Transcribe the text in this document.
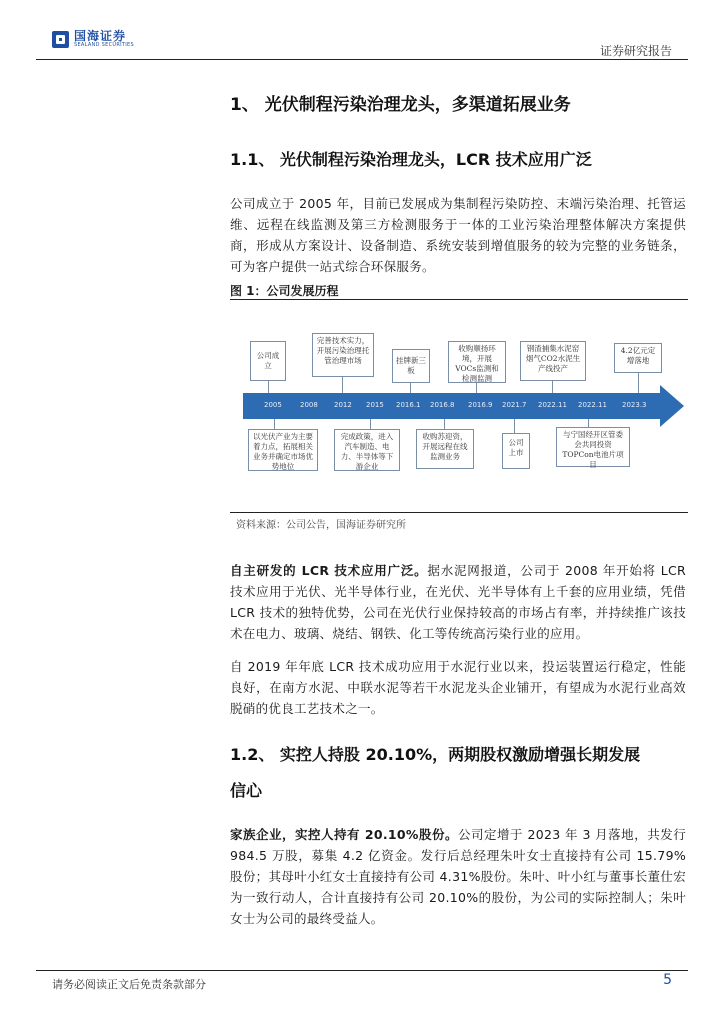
国海证券
SEALAND SECURITIES	证券研究报告
1、 光伏制程污染治理龙头，多渠道拓展业务
1.1、 光伏制程污染治理龙头，LCR 技术应用广泛

公司成立于 2005 年，目前已发展成为集制程污染防控、末端污染治理、托管运维、远程在线监测及第三方检测服务于一体的工业污染治理整体解决方案提供商，形成从方案设计、设备制造、系统安装到增值服务的较为完整的业务链条，可为客户提供一站式综合环保服务。

图 1：公司发展历程
2005	2008 2012 2015 2016.1 2016.8 2016.9 2021.7 2022.11 2022.11 2023.3
公司成立
完善技术实力，开展污染治理托管治理市场	挂牌新三板
收购顺扬环境，开展VOCs监测和检测监测
钢渣捕集水泥窑烟气CO2水泥生产线投产
4.2亿元定增落地
以光伏产业为主要着力点，拓展相关业务并确定市场优势地位
完成政策，进入汽车制造、电力、半导体等下游企业
收购苏迎资，开展远程在线监测业务
公司上市
与宁国经开区管委会共同投资TOPCon电池片项目
资料来源：公司公告，国海证券研究所

自主研发的 LCR 技术应用广泛。据水泥网报道，公司于 2008 年开始将 LCR 技术应用于光伏、光半导体行业，在光伏、光半导体有上千套的应用业绩，凭借 LCR 技术的独特优势，公司在光伏行业保持较高的市场占有率，并持续推广该技术在电力、玻璃、烧结、钢铁、化工等传统高污染行业的应用。

自 2019 年年底 LCR 技术成功应用于水泥行业以来，投运装置运行稳定，性能良好，在南方水泥、中联水泥等若干水泥龙头企业铺开，有望成为水泥行业高效脱硝的优良工艺技术之一。

1.2、 实控人持股 20.10%，两期股权激励增强长期发展
信心

家族企业，实控人持有 20.10%股份。公司定增于 2023 年 3 月落地，共发行 984.5 万股，募集 4.2 亿资金。发行后总经理朱叶女士直接持有公司 15.79%股份；其母叶小红女士直接持有公司 4.31%股份。朱叶、叶小红与董事长董仕宏为一致行动人，合计直接持有公司 20.10%的股份，为公司的实际控制人；朱叶女士为公司的最终受益人。

请务必阅读正文后免责条款部分	5
